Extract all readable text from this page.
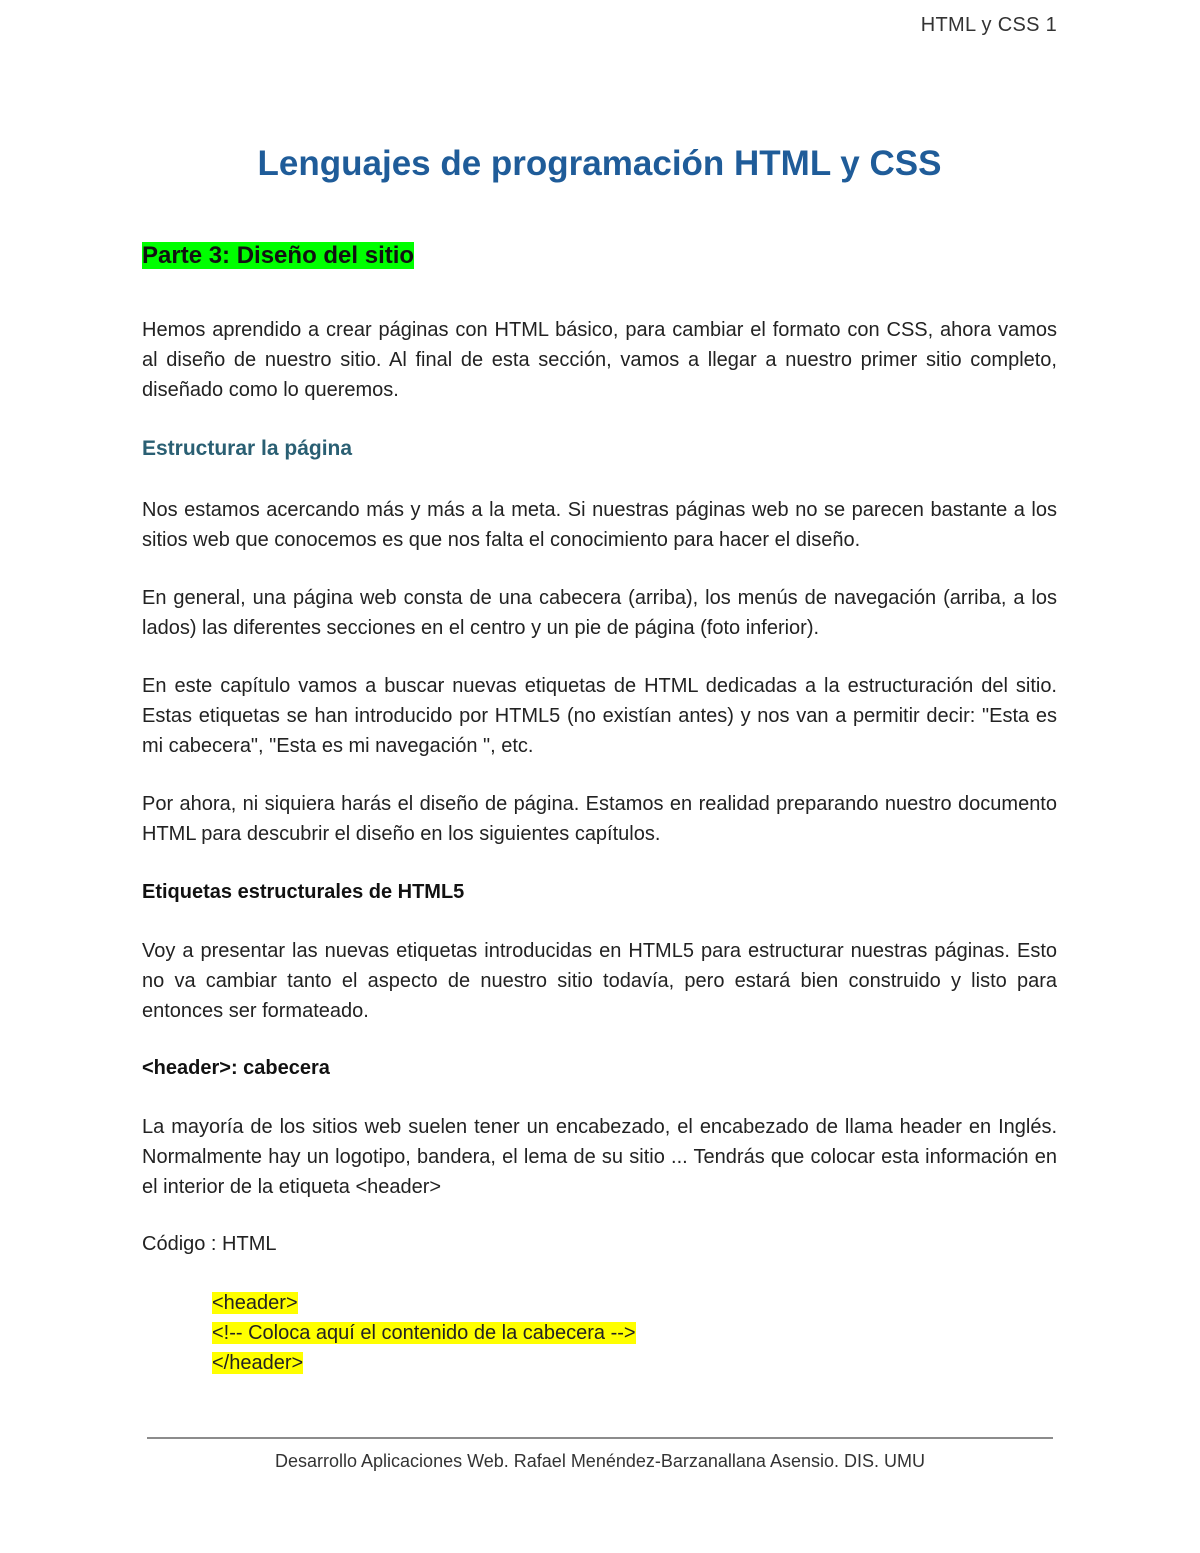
HTML y CSS 1
Lenguajes de programación HTML y CSS
Parte 3: Diseño del sitio

Hemos aprendido a crear páginas con HTML básico, para cambiar el formato con CSS, ahora vamos al diseño de nuestro sitio. Al final de esta sección, vamos a llegar a nuestro primer sitio completo, diseñado como lo queremos.

Estructurar la página

Nos estamos acercando más y más a la meta. Si nuestras páginas web no se parecen bastante a los sitios web que conocemos es que nos falta el conocimiento para hacer el diseño.

En general, una página web consta de una cabecera (arriba), los menús de navegación (arriba, a los lados) las diferentes secciones en el centro y un pie de página (foto inferior).

En este capítulo vamos a buscar nuevas etiquetas de HTML dedicadas a la estructuración del sitio. Estas etiquetas se han introducido por HTML5 (no existían antes) y nos van a permitir decir: "Esta es mi cabecera", "Esta es mi navegación ", etc.

Por ahora, ni siquiera harás el diseño de página. Estamos en realidad preparando nuestro documento HTML para descubrir el diseño en los siguientes capítulos.

Etiquetas estructurales de HTML5

Voy a presentar las nuevas etiquetas introducidas en HTML5 para estructurar nuestras páginas. Esto no va cambiar tanto el aspecto de nuestro sitio todavía, pero estará bien construido y listo para entonces ser formateado.

<header>: cabecera

La mayoría de los sitios web suelen tener un encabezado, el encabezado de llama header en Inglés. Normalmente hay un logotipo, bandera, el lema de su sitio ... Tendrás que colocar esta información en el interior de la etiqueta <header>

Código : HTML

<header>
<!-- Coloca aquí el contenido de la cabecera -->
</header>
Desarrollo Aplicaciones Web. Rafael Menéndez-Barzanallana Asensio. DIS. UMU
